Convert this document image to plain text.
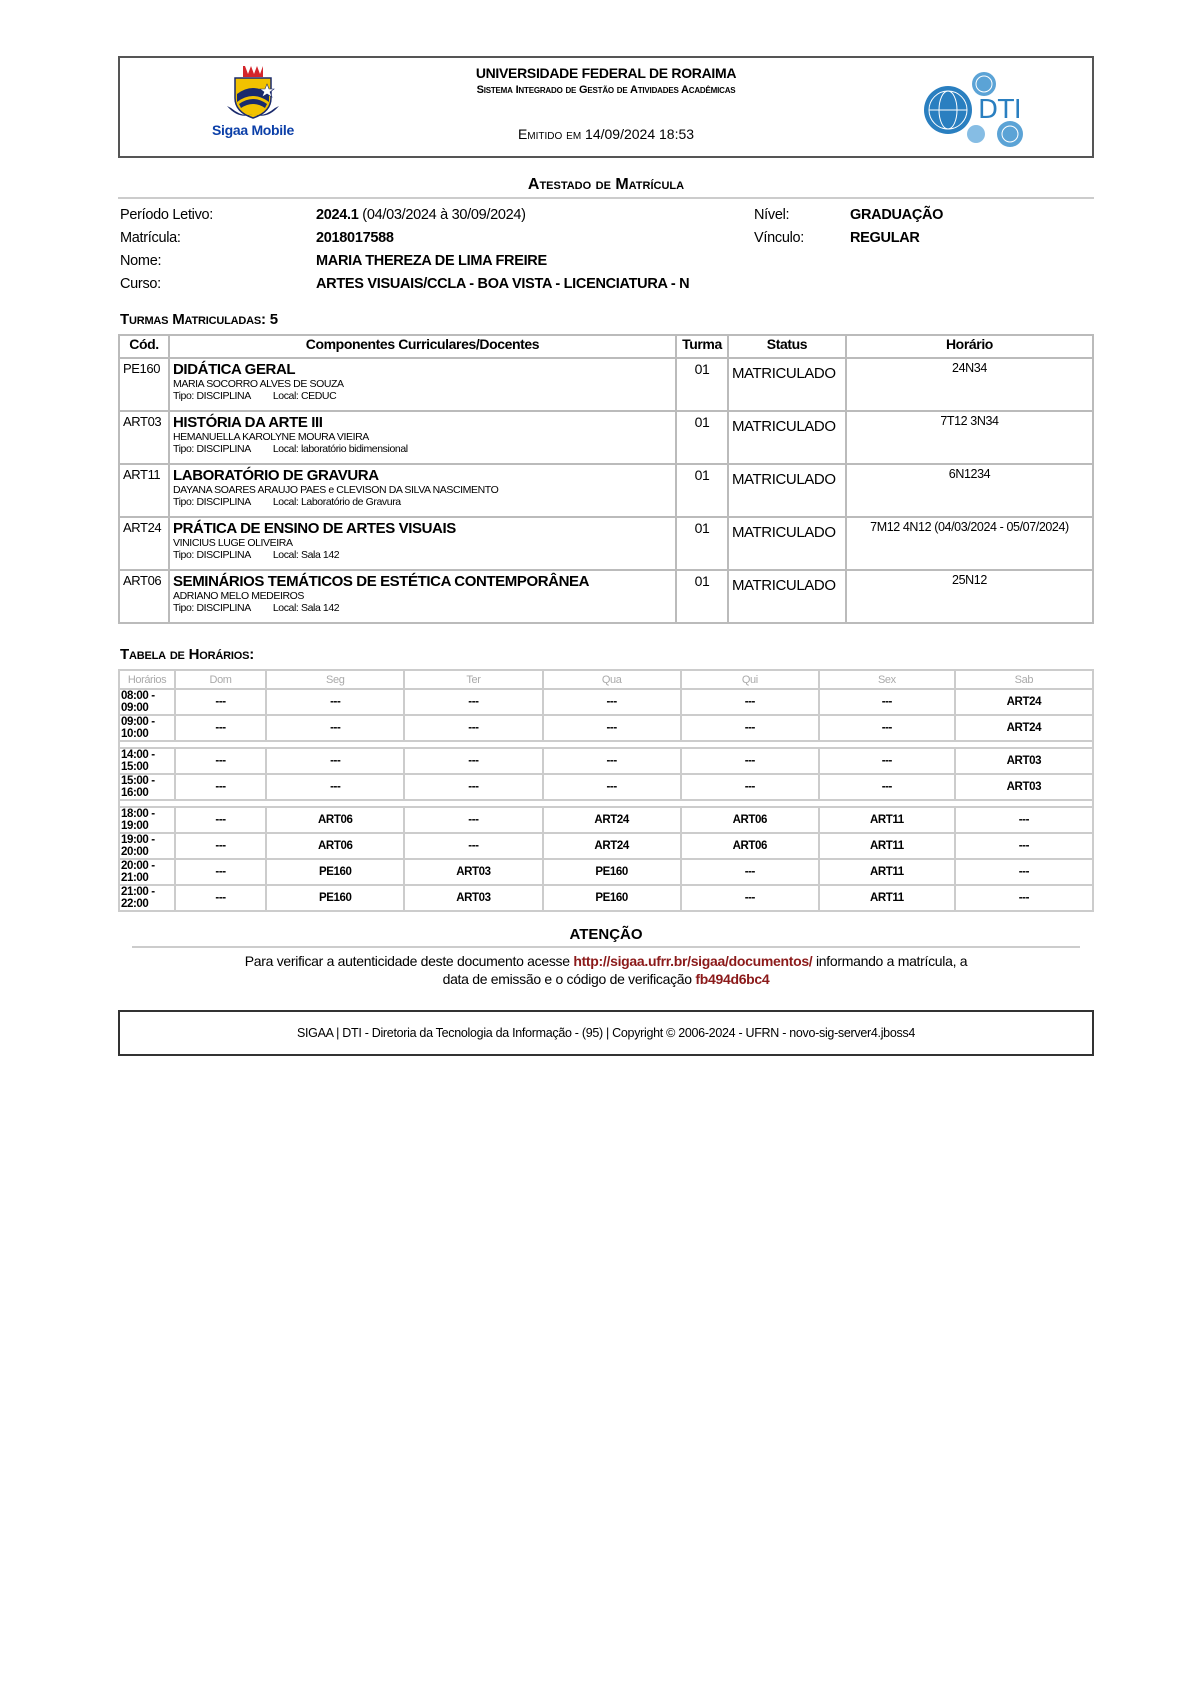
Sigaa Mobile
UNIVERSIDADE FEDERAL DE RORAIMA
Sistema Integrado de Gestão de Atividades Acadêmicas
Emitido em 14/09/2024 18:53
DTI
Atestado de Matrícula
Período Letivo:	2024.1 (04/03/2024 à 30/09/2024)	Nível:	GRADUAÇÃO
Matrícula:	2018017588	Vínculo:	REGULAR
Nome:	MARIA THEREZA DE LIMA FREIRE
Curso:	ARTES VISUAIS/CCLA - BOA VISTA - LICENCIATURA - N
Turmas Matriculadas: 5
Cód.	Componentes Curriculares/Docentes	Turma	Status	Horário
PE160	DIDÁTICA GERAL
MARIA SOCORRO ALVES DE SOUZA
Tipo: DISCIPLINA Local: CEDUC	01	MATRICULADO	24N34
ART03	HISTÓRIA DA ARTE III
HEMANUELLA KAROLYNE MOURA VIEIRA
Tipo: DISCIPLINA Local: laboratório bidimensional	01	MATRICULADO	7T12 3N34
ART11	LABORATÓRIO DE GRAVURA
DAYANA SOARES ARAUJO PAES e CLEVISON DA SILVA NASCIMENTO
Tipo: DISCIPLINA Local: Laboratório de Gravura	01	MATRICULADO	6N1234
ART24	PRÁTICA DE ENSINO DE ARTES VISUAIS
VINICIUS LUGE OLIVEIRA
Tipo: DISCIPLINA Local: Sala 142	01	MATRICULADO	7M12 4N12 (04/03/2024 - 05/07/2024)
ART06	SEMINÁRIOS TEMÁTICOS DE ESTÉTICA CONTEMPORÂNEA
ADRIANO MELO MEDEIROS
Tipo: DISCIPLINA Local: Sala 142	01	MATRICULADO	25N12
Tabela de Horários:
Horários	Dom	Seg	Ter	Qua	Qui	Sex	Sab
08:00 - 09:00	---	---	---	---	---	---	ART24
09:00 - 10:00	---	---	---	---	---	---	ART24

14:00 - 15:00	---	---	---	---	---	---	ART03
15:00 - 16:00	---	---	---	---	---	---	ART03

18:00 - 19:00	---	ART06	---	ART24	ART06	ART11	---
19:00 - 20:00	---	ART06	---	ART24	ART06	ART11	---
20:00 - 21:00	---	PE160	ART03	PE160	---	ART11	---
21:00 - 22:00	---	PE160	ART03	PE160	---	ART11	---
ATENÇÃO
Para verificar a autenticidade deste documento acesse http://sigaa.ufrr.br/sigaa/documentos/ informando a matrícula, a
data de emissão e o código de verificação fb494d6bc4
SIGAA | DTI - Diretoria da Tecnologia da Informação - (95) | Copyright © 2006-2024 - UFRN - novo-sig-server4.jboss4
